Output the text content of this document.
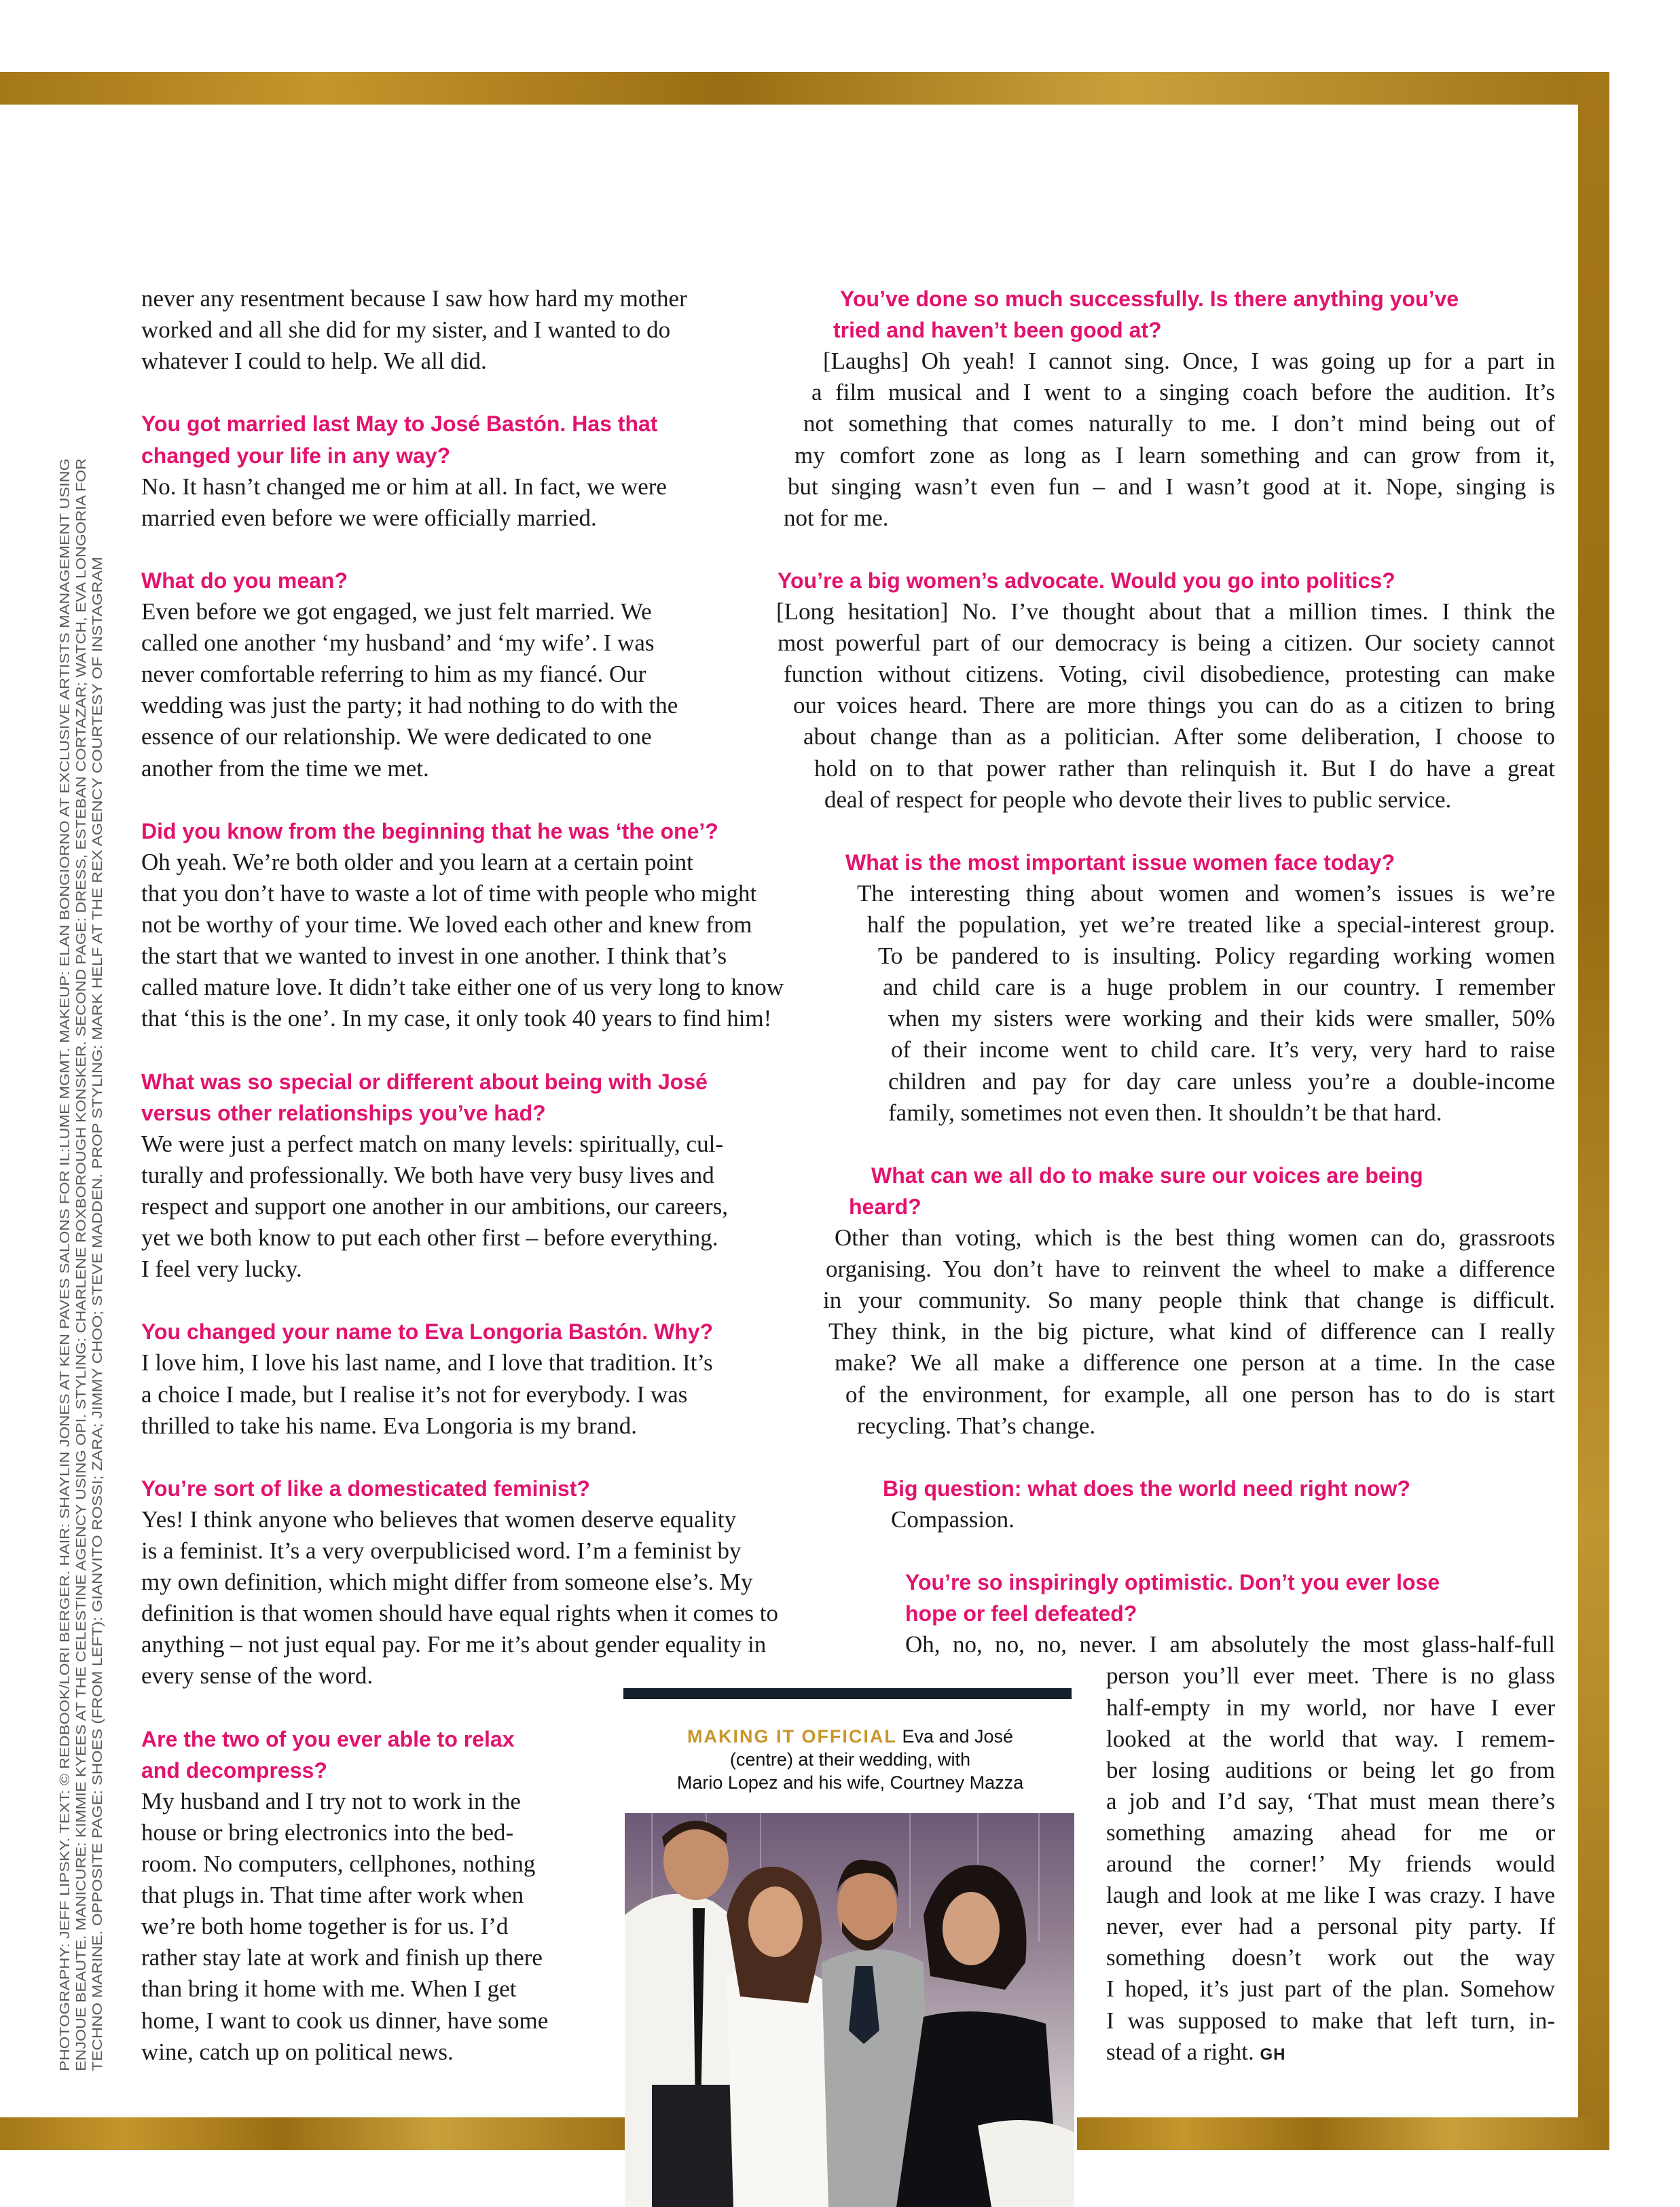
PHOTOGRAPHY: JEFF LIPSKY. TEXT: © REDBOOK/LORI BERGER. HAIR: SHAYLIN JONES AT KEN PAVES SALONS FOR IL:LUME MGMT. MAKEUP: ELAN BONGIORNO AT EXCLUSIVE ARTISTS MANAGEMENT USING ENJOUE BEAUTE. MANICURE: KIMMIE KYEES AT THE CELESTINE AGENCY USING OPI. STYLING: CHARLENE ROXBOROUGH KONSKER. SECOND PAGE: DRESS, ESTEBAN CORTAZAR; WATCH, EVA LONGORIA FOR TECHNO MARINE. OPPOSITE PAGE: SHOES (FROM LEFT): GIANVITO ROSSI; ZARA; JIMMY CHOO; STEVE MADDEN. PROP STYLING: MARK HELF AT THE REX AGENCY COURTESY OF INSTAGRAM
never any resentment because I saw how hard my mother
worked and all she did for my sister, and I wanted to do
whatever I could to help. We all did.
You got married last May to José Bastón. Has that
changed your life in any way?
No. It hasn’t changed me or him at all. In fact, we were
married even before we were officially married.
What do you mean?
Even before we got engaged, we just felt married. We
called one another ‘my husband’ and ‘my wife’. I was
never comfortable referring to him as my fiancé. Our
wedding was just the party; it had nothing to do with the
essence of our relationship. We were dedicated to one
another from the time we met.
Did you know from the beginning that he was ‘the one’?
Oh yeah. We’re both older and you learn at a certain point
that you don’t have to waste a lot of time with people who might
not be worthy of your time. We loved each other and knew from
the start that we wanted to invest in one another. I think that’s
called mature love. It didn’t take either one of us very long to know
that ‘this is the one’. In my case, it only took 40 years to find him!
What was so special or different about being with José
versus other relationships you’ve had?
We were just a perfect match on many levels: spiritually, cul-
turally and professionally. We both have very busy lives and
respect and support one another in our ambitions, our careers,
yet we both know to put each other first – before everything.
I feel very lucky.
You changed your name to Eva Longoria Bastón. Why?
I love him, I love his last name, and I love that tradition. It’s
a choice I made, but I realise it’s not for everybody. I was
thrilled to take his name. Eva Longoria is my brand.
You’re sort of like a domesticated feminist?
Yes! I think anyone who believes that women deserve equality
is a feminist. It’s a very overpublicised word. I’m a feminist by
my own definition, which might differ from someone else’s. My
definition is that women should have equal rights when it comes to
anything – not just equal pay. For me it’s about gender equality in
every sense of the word.
Are the two of you ever able to relax
and decompress?
My husband and I try not to work in the
house or bring electronics into the bed-
room. No computers, cellphones, nothing
that plugs in. That time after work when
we’re both home together is for us. I’d
rather stay late at work and finish up there
than bring it home with me. When I get
home, I want to cook us dinner, have some
wine, catch up on political news.
You’ve done so much successfully. Is there anything you’ve
tried and haven’t been good at?
[Laughs] Oh yeah! I cannot sing. Once, I was going up for a part in
a film musical and I went to a singing coach before the audition. It’s
not something that comes naturally to me. I don’t mind being out of
my comfort zone as long as I learn something and can grow from it,
but singing wasn’t even fun – and I wasn’t good at it. Nope, singing is
not for me.
You’re a big women’s advocate. Would you go into politics?
[Long hesitation] No. I’ve thought about that a million times. I think the
most powerful part of our democracy is being a citizen. Our society cannot
function without citizens. Voting, civil disobedience, protesting can make
our voices heard. There are more things you can do as a citizen to bring
about change than as a politician. After some deliberation, I choose to
hold on to that power rather than relinquish it. But I do have a great
deal of respect for people who devote their lives to public service.
What is the most important issue women face today?
The interesting thing about women and women’s issues is we’re
half the population, yet we’re treated like a special-interest group.
To be pandered to is insulting. Policy regarding working women
and child care is a huge problem in our country. I remember
when my sisters were working and their kids were smaller, 50%
of their income went to child care. It’s very, very hard to raise
children and pay for day care unless you’re a double-income
family, sometimes not even then. It shouldn’t be that hard.
What can we all do to make sure our voices are being
heard?
Other than voting, which is the best thing women can do, grassroots
organising. You don’t have to reinvent the wheel to make a difference
in your community. So many people think that change is difficult.
They think, in the big picture, what kind of difference can I really
make? We all make a difference one person at a time. In the case
of the environment, for example, all one person has to do is start
recycling. That’s change.
Big question: what does the world need right now?
Compassion.
You’re so inspiringly optimistic. Don’t you ever lose
hope or feel defeated?
Oh, no, no, no, never. I am absolutely the most glass-half-full
person you’ll ever meet. There is no glass
half-empty in my world, nor have I ever
looked at the world that way. I remem-
ber losing auditions or being let go from
a job and I’d say, ‘That must mean there’s
something amazing ahead for me or
around the corner!’ My friends would
laugh and look at me like I was crazy. I have
never, ever had a personal pity party. If
something doesn’t work out the way
I hoped, it’s just part of the plan. Somehow
I was supposed to make that left turn, in-
stead of a right. GH
MAKING IT OFFICIAL Eva and José
(centre) at their wedding, with
Mario Lopez and his wife, Courtney Mazza
